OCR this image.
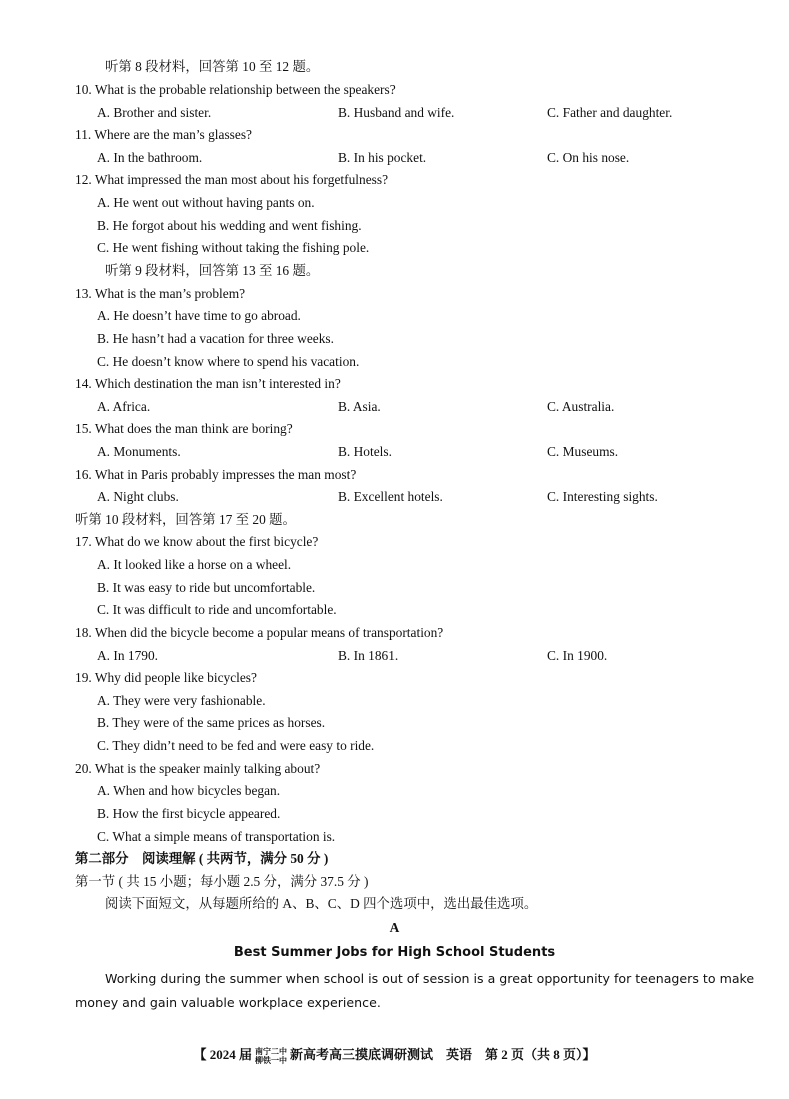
听第 8 段材料，回答第 10 至 12 题。
10. What is the probable relationship between the speakers?
A. Brother and sister.	B. Husband and wife.	C. Father and daughter.
11. Where are the man’s glasses?
A. In the bathroom.	B. In his pocket.	C. On his nose.
12. What impressed the man most about his forgetfulness?
A. He went out without having pants on.
B. He forgot about his wedding and went fishing.
C. He went fishing without taking the fishing pole.
听第 9 段材料，回答第 13 至 16 题。
13. What is the man’s problem?
A. He doesn’t have time to go abroad.
B. He hasn’t had a vacation for three weeks.
C. He doesn’t know where to spend his vacation.
14. Which destination the man isn’t interested in?
A. Africa.	B. Asia.	C. Australia.
15. What does the man think are boring?
A. Monuments.	B. Hotels.	C. Museums.
16. What in Paris probably impresses the man most?
A. Night clubs.	B. Excellent hotels.	C. Interesting sights.
听第 10 段材料，回答第 17 至 20 题。
17. What do we know about the first bicycle?
A. It looked like a horse on a wheel.
B. It was easy to ride but uncomfortable.
C. It was difficult to ride and uncomfortable.
18. When did the bicycle become a popular means of transportation?
A. In 1790.	B. In 1861.	C. In 1900.
19. Why did people like bicycles?
A. They were very fashionable.
B. They were of the same prices as horses.
C. They didn’t need to be fed and were easy to ride.
20. What is the speaker mainly talking about?
A. When and how bicycles began.
B. How the first bicycle appeared.
C. What a simple means of transportation is.
第二部分　阅读理解 ( 共两节，满分 50 分 )
第一节 ( 共 15 小题；每小题 2.5 分，满分 37.5 分 )
阅读下面短文，从每题所给的 A、B、C、D 四个选项中，选出最佳选项。
A
Best Summer Jobs for High School Students
Working during the summer when school is out of session is a great opportunity for teenagers to make
money and gain valuable workplace experience.
【 2024 届 南宁二中
柳铁一中 新高考高三摸底调研测试　英语　第 2 页（共 8 页）】
